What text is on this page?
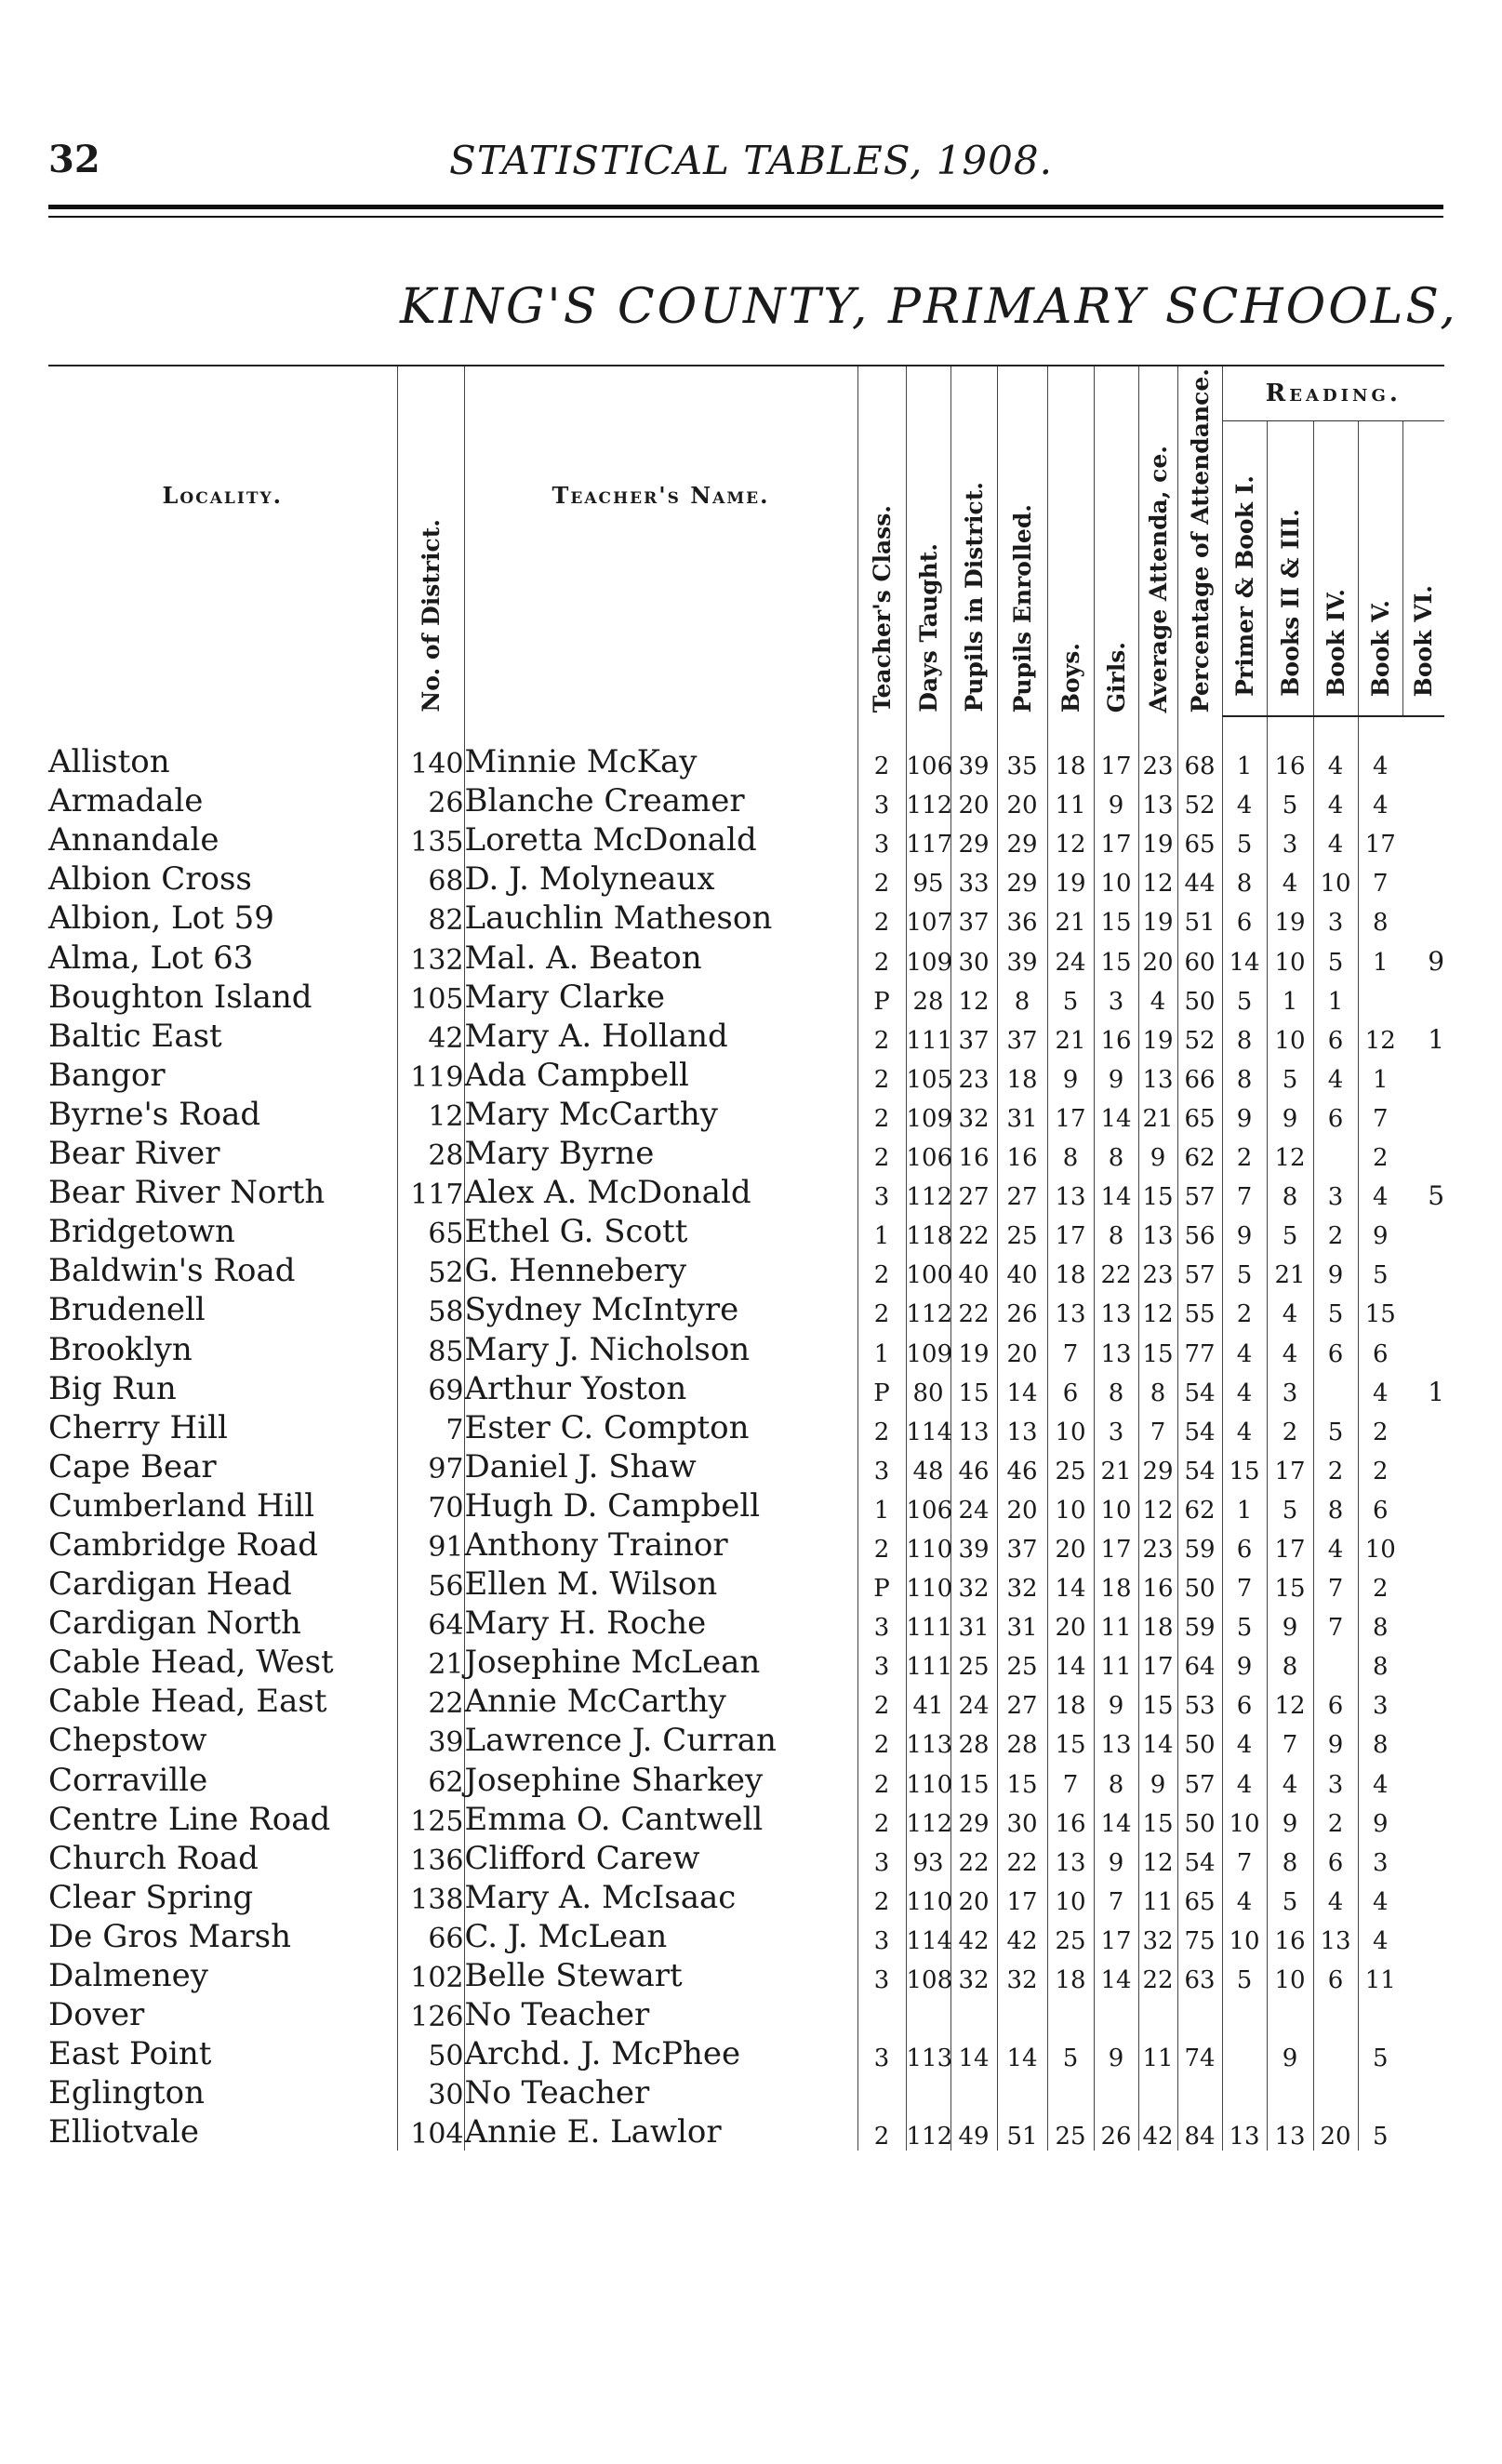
32	STATISTICAL TABLES, 1908.
KING'S COUNTY, PRIMARY SCHOOLS,
Locality.	No. of District.	Teacher's Name.	Teacher's Class.	Days Taught.	Pupils in District.	Pupils Enrolled.	Boys.	Girls.	Average Attenda, ce.	Percentage of Attendance.	Reading.				
											Primer & Book I.	Books II & III.	Book IV.	Book V.	Book VI.
Alliston	140	Minnie McKay	2	106	39	35	18	17	23	68	1	16	4	4	
Armadale	26	Blanche Creamer	3	112	20	20	11	9	13	52	4	5	4	4	
Annandale	135	Loretta McDonald	3	117	29	29	12	17	19	65	5	3	4	17	
Albion Cross	68	D. J. Molyneaux	2	95	33	29	19	10	12	44	8	4	10	7	
Albion, Lot 59	82	Lauchlin Matheson	2	107	37	36	21	15	19	51	6	19	3	8	
Alma, Lot 63	132	Mal. A. Beaton	2	109	30	39	24	15	20	60	14	10	5	1	9
Boughton Island	105	Mary Clarke	P	28	12	8	5	3	4	50	5	1	1		
Baltic East	42	Mary A. Holland	2	111	37	37	21	16	19	52	8	10	6	12	1
Bangor	119	Ada Campbell	2	105	23	18	9	9	13	66	8	5	4	1	
Byrne's Road	12	Mary McCarthy	2	109	32	31	17	14	21	65	9	9	6	7	
Bear River	28	Mary Byrne	2	106	16	16	8	8	9	62	2	12		2	
Bear River North	117	Alex A. McDonald	3	112	27	27	13	14	15	57	7	8	3	4	5
Bridgetown	65	Ethel G. Scott	1	118	22	25	17	8	13	56	9	5	2	9	
Baldwin's Road	52	G. Hennebery	2	100	40	40	18	22	23	57	5	21	9	5	
Brudenell	58	Sydney McIntyre	2	112	22	26	13	13	12	55	2	4	5	15	
Brooklyn	85	Mary J. Nicholson	1	109	19	20	7	13	15	77	4	4	6	6	
Big Run	69	Arthur Yoston	P	80	15	14	6	8	8	54	4	3		4	1
Cherry Hill	7	Ester C. Compton	2	114	13	13	10	3	7	54	4	2	5	2	
Cape Bear	97	Daniel J. Shaw	3	48	46	46	25	21	29	54	15	17	2	2	
Cumberland Hill	70	Hugh D. Campbell	1	106	24	20	10	10	12	62	1	5	8	6	
Cambridge Road	91	Anthony Trainor	2	110	39	37	20	17	23	59	6	17	4	10	
Cardigan Head	56	Ellen M. Wilson	P	110	32	32	14	18	16	50	7	15	7	2	
Cardigan North	64	Mary H. Roche	3	111	31	31	20	11	18	59	5	9	7	8	
Cable Head, West	21	Josephine McLean	3	111	25	25	14	11	17	64	9	8		8	
Cable Head, East	22	Annie McCarthy	2	41	24	27	18	9	15	53	6	12	6	3	
Chepstow	39	Lawrence J. Curran	2	113	28	28	15	13	14	50	4	7	9	8	
Corraville	62	Josephine Sharkey	2	110	15	15	7	8	9	57	4	4	3	4	
Centre Line Road	125	Emma O. Cantwell	2	112	29	30	16	14	15	50	10	9	2	9	
Church Road	136	Clifford Carew	3	93	22	22	13	9	12	54	7	8	6	3	
Clear Spring	138	Mary A. McIsaac	2	110	20	17	10	7	11	65	4	5	4	4	
De Gros Marsh	66	C. J. McLean	3	114	42	42	25	17	32	75	10	16	13	4	
Dalmeney	102	Belle Stewart	3	108	32	32	18	14	22	63	5	10	6	11	
Dover	126	No Teacher													
East Point	50	Archd. J. McPhee	3	113	14	14	5	9	11	74		9		5	
Eglington	30	No Teacher													
Elliotvale	104	Annie E. Lawlor	2	112	49	51	25	26	42	84	13	13	20	5	
